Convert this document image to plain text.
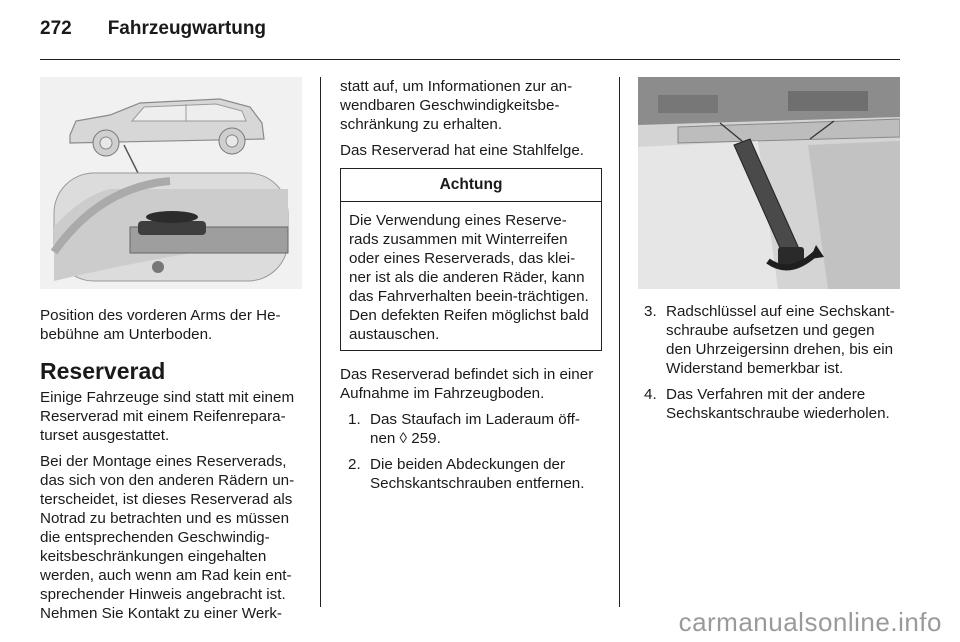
272 Fahrzeugwartung

Position des vorderen Arms der He-bebühne am Unterboden.

Reserverad

Einige Fahrzeuge sind statt mit einem Reserverad mit einem Reifenrepara-turset ausgestattet.

Bei der Montage eines Reserverads, das sich von den anderen Rädern un-terscheidet, ist dieses Reserverad als Notrad zu betrachten und es müssen die entsprechenden Geschwindig-keitsbeschränkungen eingehalten werden, auch wenn am Rad kein ent-sprechender Hinweis angebracht ist. Nehmen Sie Kontakt zu einer Werk-

statt auf, um Informationen zur an-wendbaren Geschwindigkeitsbe-schränkung zu erhalten.

Das Reserverad hat eine Stahlfelge.

Achtung
Die Verwendung eines Reserve-rads zusammen mit Winterreifen oder eines Reserverads, das klei-ner ist als die anderen Räder, kann das Fahrverhalten beein-trächtigen. Den defekten Reifen möglichst bald austauschen.

Das Reserverad befindet sich in einer Aufnahme im Fahrzeugboden.

1. Das Staufach im Laderaum öff-nen ◊ 259.
2. Die beiden Abdeckungen der Sechskantschrauben entfernen.
3. Radschlüssel auf eine Sechskant-schraube aufsetzen und gegen den Uhrzeigersinn drehen, bis ein Widerstand bemerkbar ist.
4. Das Verfahren mit der andere Sechskantschraube wiederholen.
carmanualsonline.info
